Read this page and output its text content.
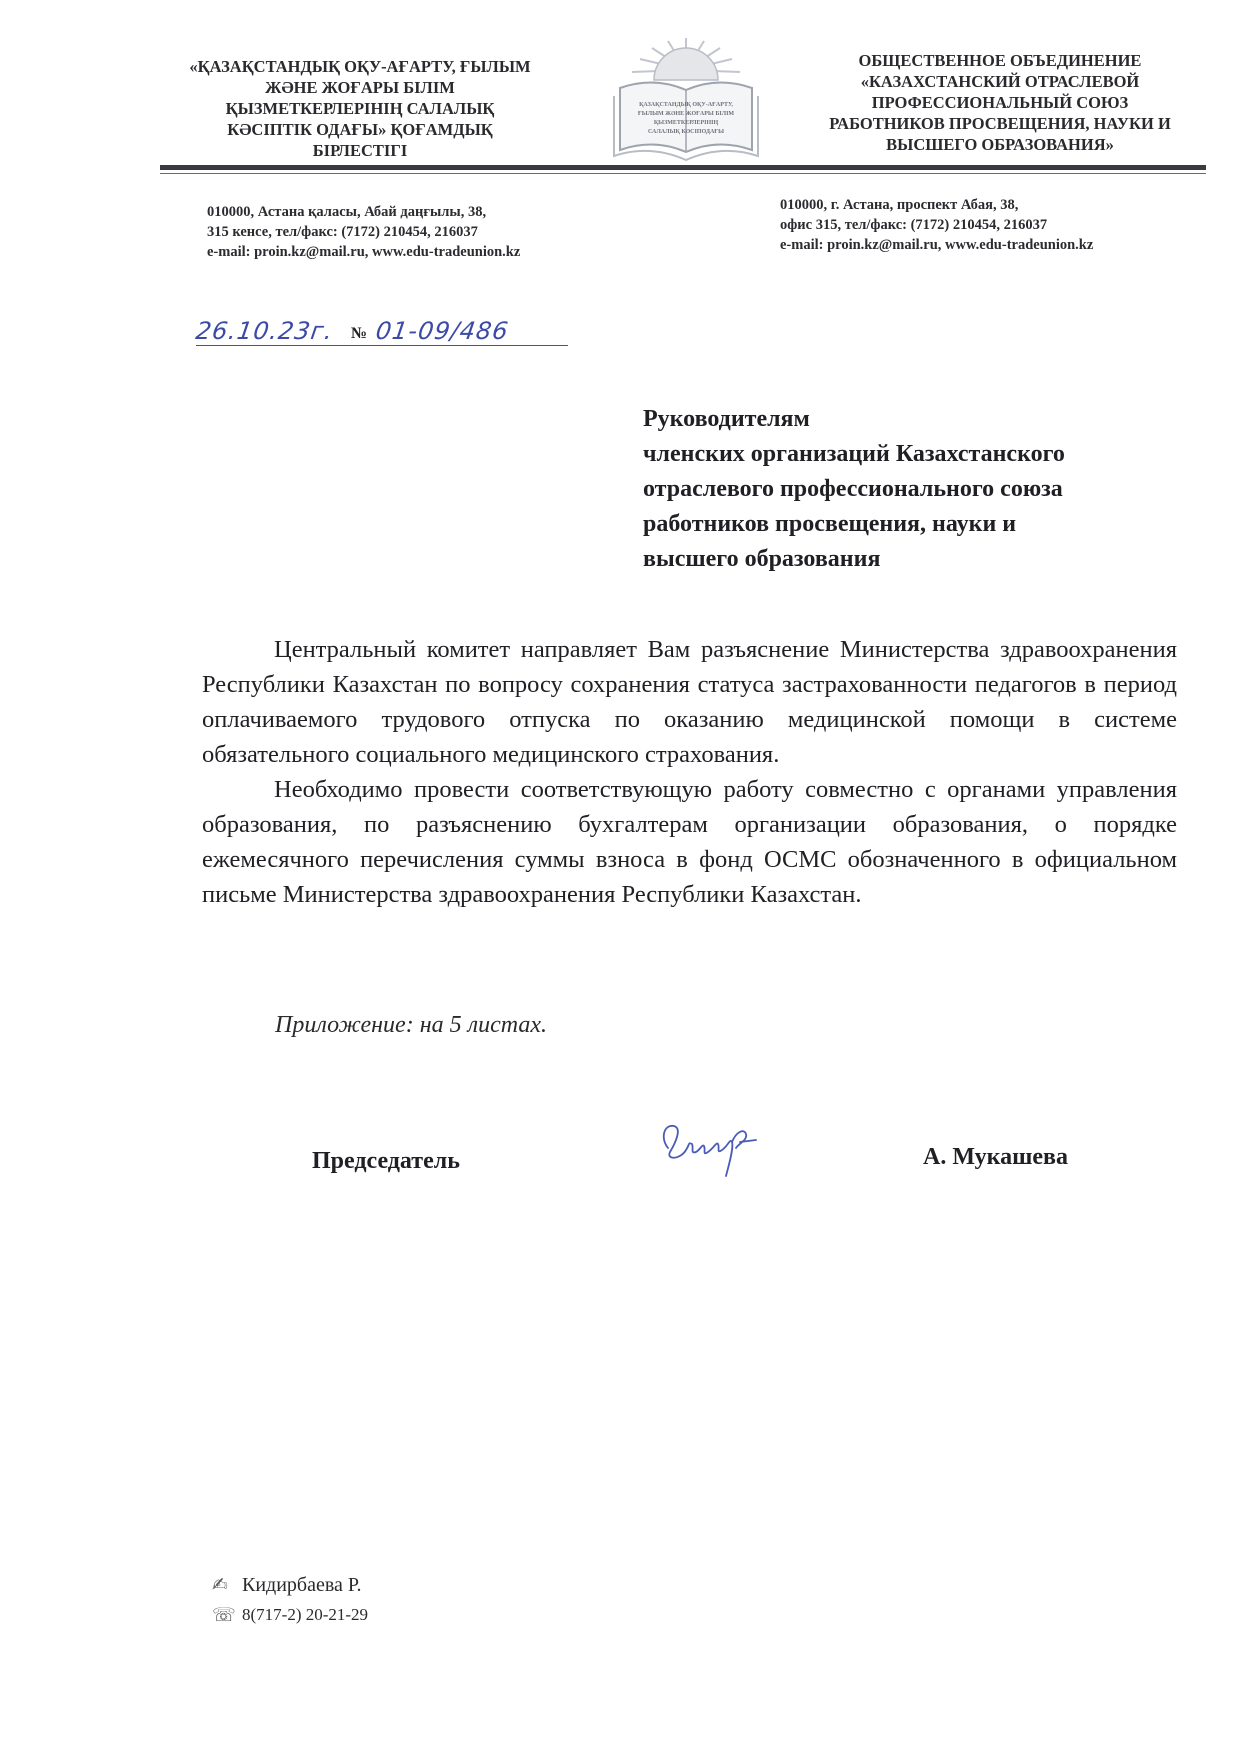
«ҚАЗАҚСТАНДЫҚ ОҚУ-АҒАРТУ, ҒЫЛЫМ
ЖӘНЕ ЖОҒАРЫ БІЛІМ
ҚЫЗМЕТКЕРЛЕРІНІҢ САЛАЛЫҚ
КӘСІПТІК ОДАҒЫ» ҚОҒАМДЫҚ
БІРЛЕСТІГІ
ҚАЗАҚСТАНДЫҚ ОҚУ-АҒАРТУ,
ҒЫЛЫМ ЖӘНЕ ЖОҒАРЫ БІЛІМ
ҚЫЗМЕТКЕРЛЕРІНІҢ
САЛАЛЫҚ КӘСІПОДАҒЫ
ОБЩЕСТВЕННОЕ ОБЪЕДИНЕНИЕ
«КАЗАХСТАНСКИЙ ОТРАСЛЕВОЙ
ПРОФЕССИОНАЛЬНЫЙ СОЮЗ
РАБОТНИКОВ ПРОСВЕЩЕНИЯ, НАУКИ И
ВЫСШЕГО ОБРАЗОВАНИЯ»
010000, Астана қаласы, Абай даңғылы, 38,
315 кенсе, тел/факс: (7172) 210454, 216037
e-mail: proin.kz@mail.ru, www.edu-tradeunion.kz
010000, г. Астана, проспект Абая, 38,
офис 315, тел/факс: (7172) 210454, 216037
e-mail: proin.kz@mail.ru, www.edu-tradeunion.kz
26.10.23г. № 01-09/486
Руководителям
членских организаций Казахстанского
отраслевого профессионального союза
работников просвещения, науки и
высшего образования

Центральный комитет направляет Вам разъяснение Министерства здравоохранения Республики Казахстан по вопросу сохранения статуса застрахованности педагогов в период оплачиваемого трудового отпуска по оказанию медицинской помощи в системе обязательного социального медицинского страхования.

Необходимо провести соответствующую работу совместно с органами управления образования, по разъяснению бухгалтерам организации образования, о порядке ежемесячного перечисления суммы взноса в фонд ОСМС обозначенного в официальном письме Министерства здравоохранения Республики Казахстан.

Приложение: на 5 листах.
Председатель	А. Мукашева
✍ Кидирбаева Р.
☏ 8(717-2) 20-21-29
